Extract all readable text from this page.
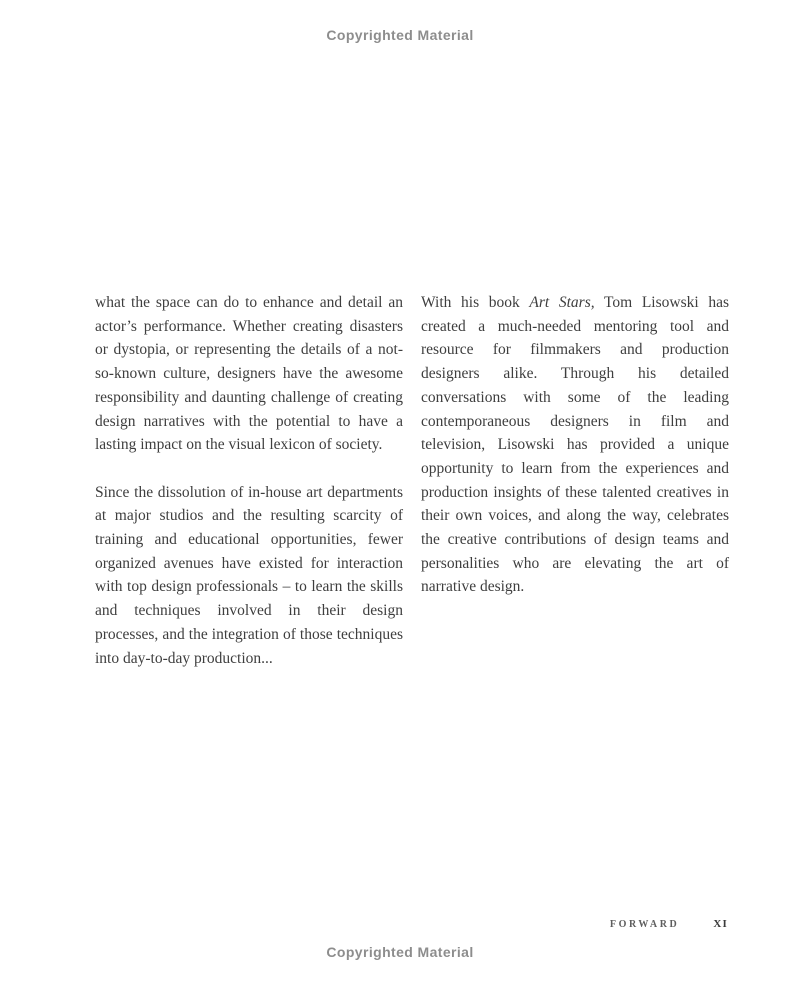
Copyrighted Material

what the space can do to enhance and detail an actor’s performance. Whether creating disasters or dystopia, or representing the details of a not-so-known culture, designers have the awesome responsibility and daunting challenge of creating design narratives with the potential to have a lasting impact on the visual lexicon of society.

Since the dissolution of in-house art departments at major studios and the resulting scarcity of training and educational opportunities, fewer organized avenues have existed for interaction with top design professionals – to learn the skills and techniques involved in their design processes, and the integration of those techniques into day-to-day production...

With his book Art Stars, Tom Lisowski has created a much-needed mentoring tool and resource for filmmakers and production designers alike. Through his detailed conversations with some of the leading contemporaneous designers in film and television, Lisowski has provided a unique opportunity to learn from the experiences and production insights of these talented creatives in their own voices, and along the way, celebrates the creative contributions of design teams and personalities who are elevating the art of narrative design.

FORWARD	XI
Copyrighted Material
